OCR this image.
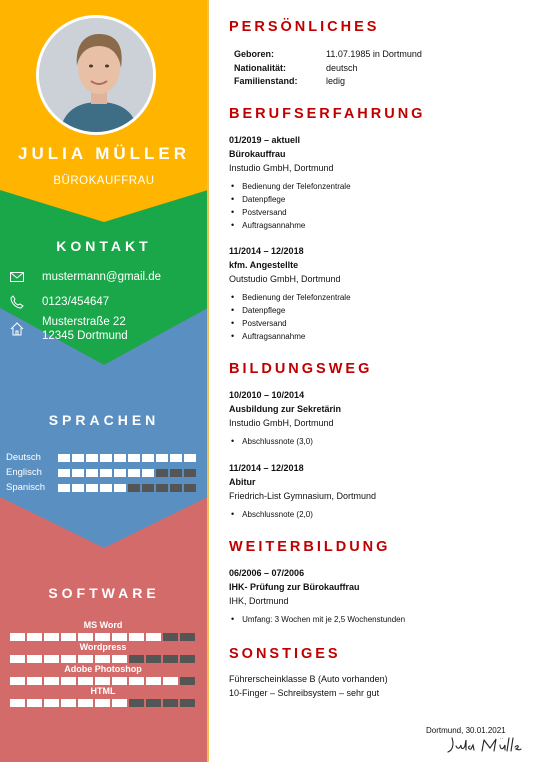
JULIA MÜLLER
BÜROKAUFFRAU
KONTAKT
mustermann@gmail.de
0123/454647
Musterstraße 22
12345 Dortmund
SPRACHEN
Deutsch
Englisch
Spanisch
SOFTWARE
MS Word
Wordpress
Adobe Photoshop
HTML
PERSÖNLICHES
Geboren:	11.07.1985 in Dortmund
Nationalität:	deutsch
Familienstand:	ledig
BERUFSERFAHRUNG
01/2019 – aktuell
Bürokauffrau
Instudio GmbH, Dortmund
• Bedienung der Telefonzentrale
• Datenpflege
• Postversand
• Auftragsannahme
11/2014 – 12/2018
kfm. Angestellte
Outstudio GmbH, Dortmund
• Bedienung der Telefonzentrale
• Datenpflege
• Postversand
• Auftragsannahme
BILDUNGSWEG
10/2010 – 10/2014
Ausbildung zur Sekretärin
Instudio GmbH, Dortmund
• Abschlussnote (3,0)
11/2014 – 12/2018
Abitur
Friedrich-List Gymnasium, Dortmund
• Abschlussnote (2,0)
WEITERBILDUNG
06/2006 – 07/2006
IHK- Prüfung zur Bürokauffrau
IHK, Dortmund
• Umfang: 3 Wochen mit je 2,5 Wochenstunden
SONSTIGES
Führerscheinklasse B (Auto vorhanden)
10-Finger – Schreibsystem – sehr gut
Dortmund, 30.01.2021
..
